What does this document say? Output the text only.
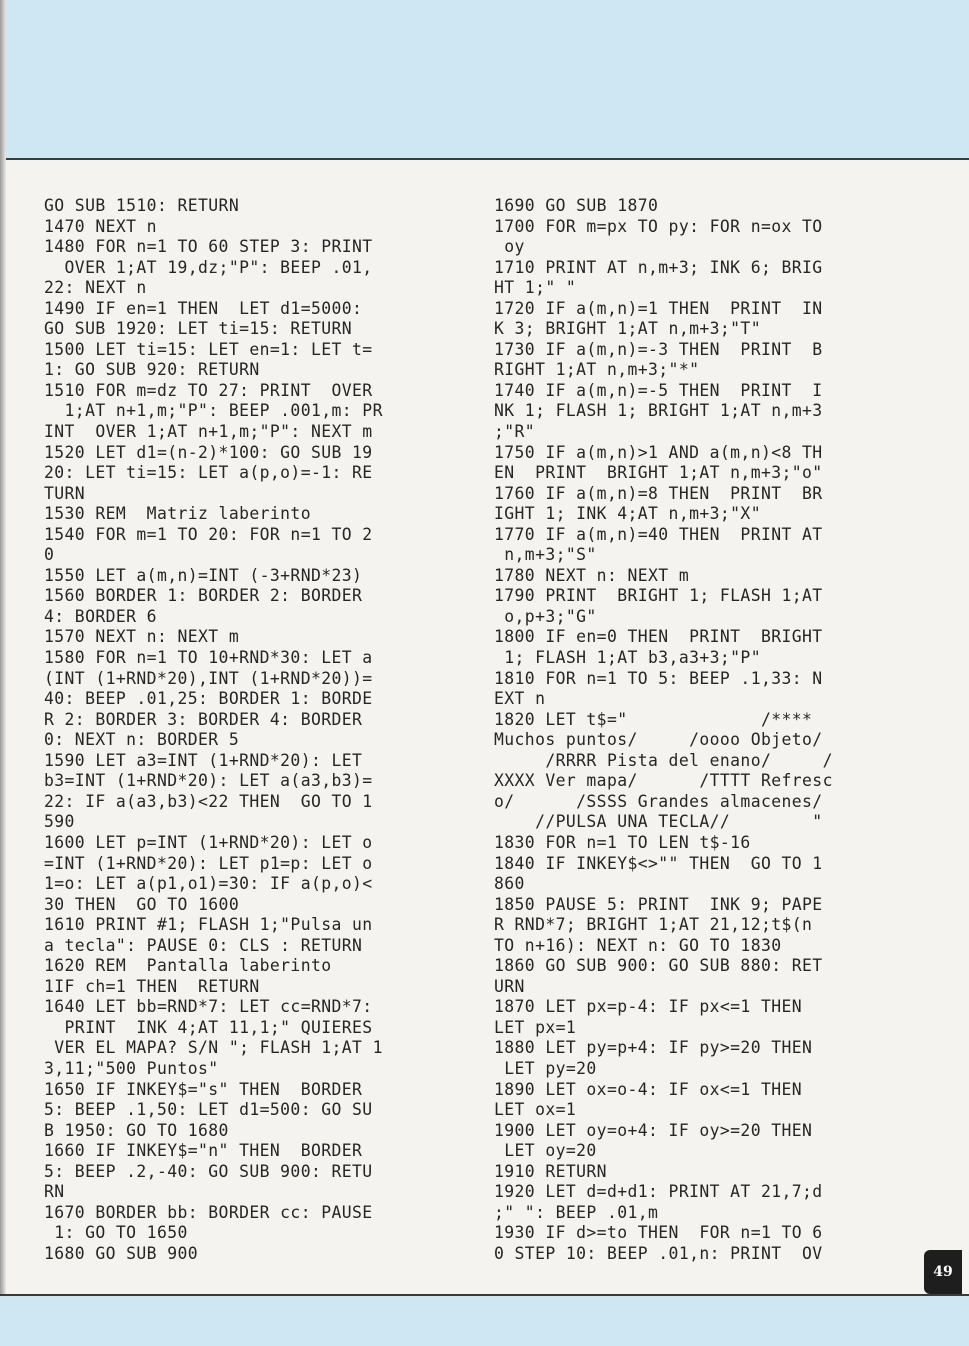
GO SUB 1510: RETURN
1470 NEXT n
1480 FOR n=1 TO 60 STEP 3: PRINT
OVER 1;AT 19,dz;"P": BEEP .01,
22: NEXT n
1490 IF en=1 THEN  LET d1=5000:
GO SUB 1920: LET ti=15: RETURN
1500 LET ti=15: LET en=1: LET t=
1: GO SUB 920: RETURN
1510 FOR m=dz TO 27: PRINT  OVER
1;AT n+1,m;"P": BEEP .001,m: PR
INT  OVER 1;AT n+1,m;"P": NEXT m
1520 LET d1=(n-2)*100: GO SUB 19
20: LET ti=15: LET a(p,o)=-1: RE
TURN
1530 REM  Matriz laberinto
1540 FOR m=1 TO 20: FOR n=1 TO 2
0
1550 LET a(m,n)=INT (-3+RND*23)
1560 BORDER 1: BORDER 2: BORDER
4: BORDER 6
1570 NEXT n: NEXT m
1580 FOR n=1 TO 10+RND*30: LET a
(INT (1+RND*20),INT (1+RND*20))=
40: BEEP .01,25: BORDER 1: BORDE
R 2: BORDER 3: BORDER 4: BORDER
0: NEXT n: BORDER 5
1590 LET a3=INT (1+RND*20): LET
b3=INT (1+RND*20): LET a(a3,b3)=
22: IF a(a3,b3)<22 THEN  GO TO 1
590
1600 LET p=INT (1+RND*20): LET o
=INT (1+RND*20): LET p1=p: LET o
1=o: LET a(p1,o1)=30: IF a(p,o)<
30 THEN  GO TO 1600
1610 PRINT #1; FLASH 1;"Pulsa un
a tecla": PAUSE 0: CLS : RETURN
1620 REM  Pantalla laberinto
1IF ch=1 THEN  RETURN
1640 LET bb=RND*7: LET cc=RND*7:
PRINT  INK 4;AT 11,1;" QUIERES
VER EL MAPA? S/N "; FLASH 1;AT 1
3,11;"500 Puntos"
1650 IF INKEY$="s" THEN  BORDER
5: BEEP .1,50: LET d1=500: GO SU
B 1950: GO TO 1680
1660 IF INKEY$="n" THEN  BORDER
5: BEEP .2,-40: GO SUB 900: RETU
RN
1670 BORDER bb: BORDER cc: PAUSE
1: GO TO 1650
1680 GO SUB 900
1690 GO SUB 1870
1700 FOR m=px TO py: FOR n=ox TO
oy
1710 PRINT AT n,m+3; INK 6; BRIG
HT 1;" "
1720 IF a(m,n)=1 THEN  PRINT  IN
K 3; BRIGHT 1;AT n,m+3;"T"
1730 IF a(m,n)=-3 THEN  PRINT  B
RIGHT 1;AT n,m+3;"*"
1740 IF a(m,n)=-5 THEN  PRINT  I
NK 1; FLASH 1; BRIGHT 1;AT n,m+3
;"R"
1750 IF a(m,n)>1 AND a(m,n)<8 TH
EN  PRINT  BRIGHT 1;AT n,m+3;"o"
1760 IF a(m,n)=8 THEN  PRINT  BR
IGHT 1; INK 4;AT n,m+3;"X"
1770 IF a(m,n)=40 THEN  PRINT AT
n,m+3;"S"
1780 NEXT n: NEXT m
1790 PRINT  BRIGHT 1; FLASH 1;AT
o,p+3;"G"
1800 IF en=0 THEN  PRINT  BRIGHT
1; FLASH 1;AT b3,a3+3;"P"
1810 FOR n=1 TO 5: BEEP .1,33: N
EXT n
1820 LET t$="             /****
Muchos puntos/     /oooo Objeto/
/RRRR Pista del enano/     /
XXXX Ver mapa/      /TTTT Refresc
o/      /SSSS Grandes almacenes/
//PULSA UNA TECLA//        "
1830 FOR n=1 TO LEN t$-16
1840 IF INKEY$<>"" THEN  GO TO 1
860
1850 PAUSE 5: PRINT  INK 9; PAPE
R RND*7; BRIGHT 1;AT 21,12;t$(n
TO n+16): NEXT n: GO TO 1830
1860 GO SUB 900: GO SUB 880: RET
URN
1870 LET px=p-4: IF px<=1 THEN
LET px=1
1880 LET py=p+4: IF py>=20 THEN
LET py=20
1890 LET ox=o-4: IF ox<=1 THEN
LET ox=1
1900 LET oy=o+4: IF oy>=20 THEN
LET oy=20
1910 RETURN
1920 LET d=d+d1: PRINT AT 21,7;d
;" ": BEEP .01,m
1930 IF d>=to THEN  FOR n=1 TO 6
0 STEP 10: BEEP .01,n: PRINT  OV
49
